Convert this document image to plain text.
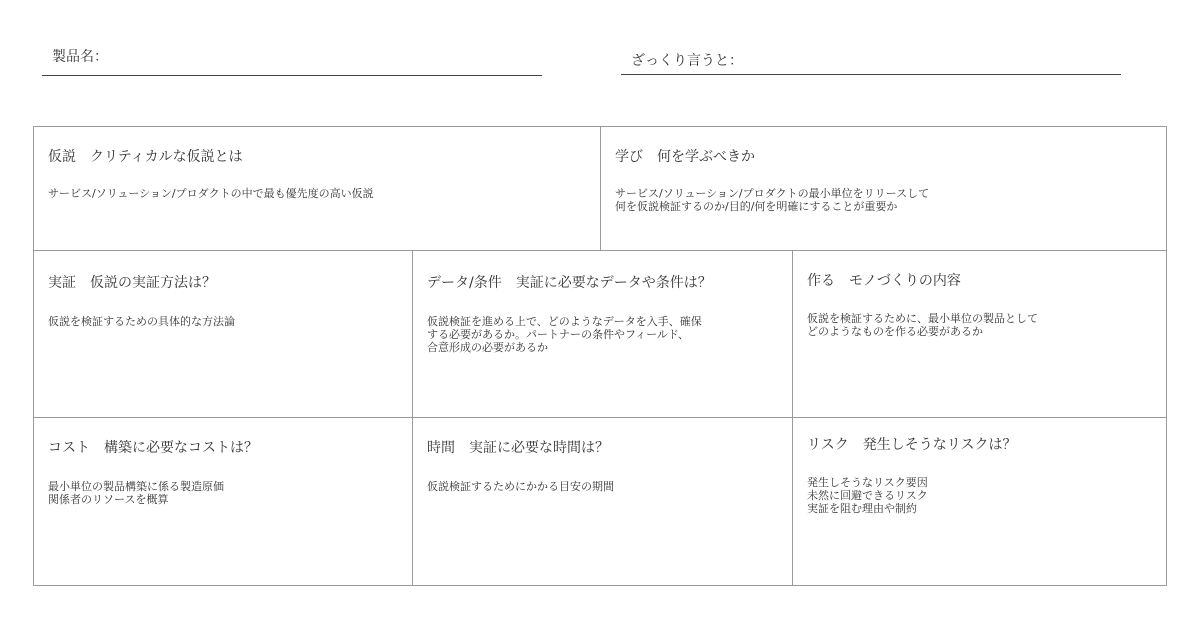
製品名：	ざっくり言うと：
仮説　クリティカルな仮説とは
サービス/ソリューション/プロダクトの中で最も優先度の高い仮説
学び　何を学ぶべきか
サービス/ソリューション/プロダクトの最小単位をリリースして
何を仮説検証するのか/目的/何を明確にすることが重要か
実証　仮説の実証方法は？
仮説を検証するための具体的な方法論
データ/条件　実証に必要なデータや条件は？
仮説検証を進める上で、どのようなデータを入手、確保
する必要があるか。パートナーの条件やフィールド、
合意形成の必要があるか
作る　モノづくりの内容
仮説を検証するために、最小単位の製品として
どのようなものを作る必要があるか
コスト　構築に必要なコストは？
最小単位の製品構築に係る製造原価
関係者のリソースを概算
時間　実証に必要な時間は？
仮説検証するためにかかる目安の期間
リスク　発生しそうなリスクは？
発生しそうなリスク要因
未然に回避できるリスク
実証を阻む理由や制約
